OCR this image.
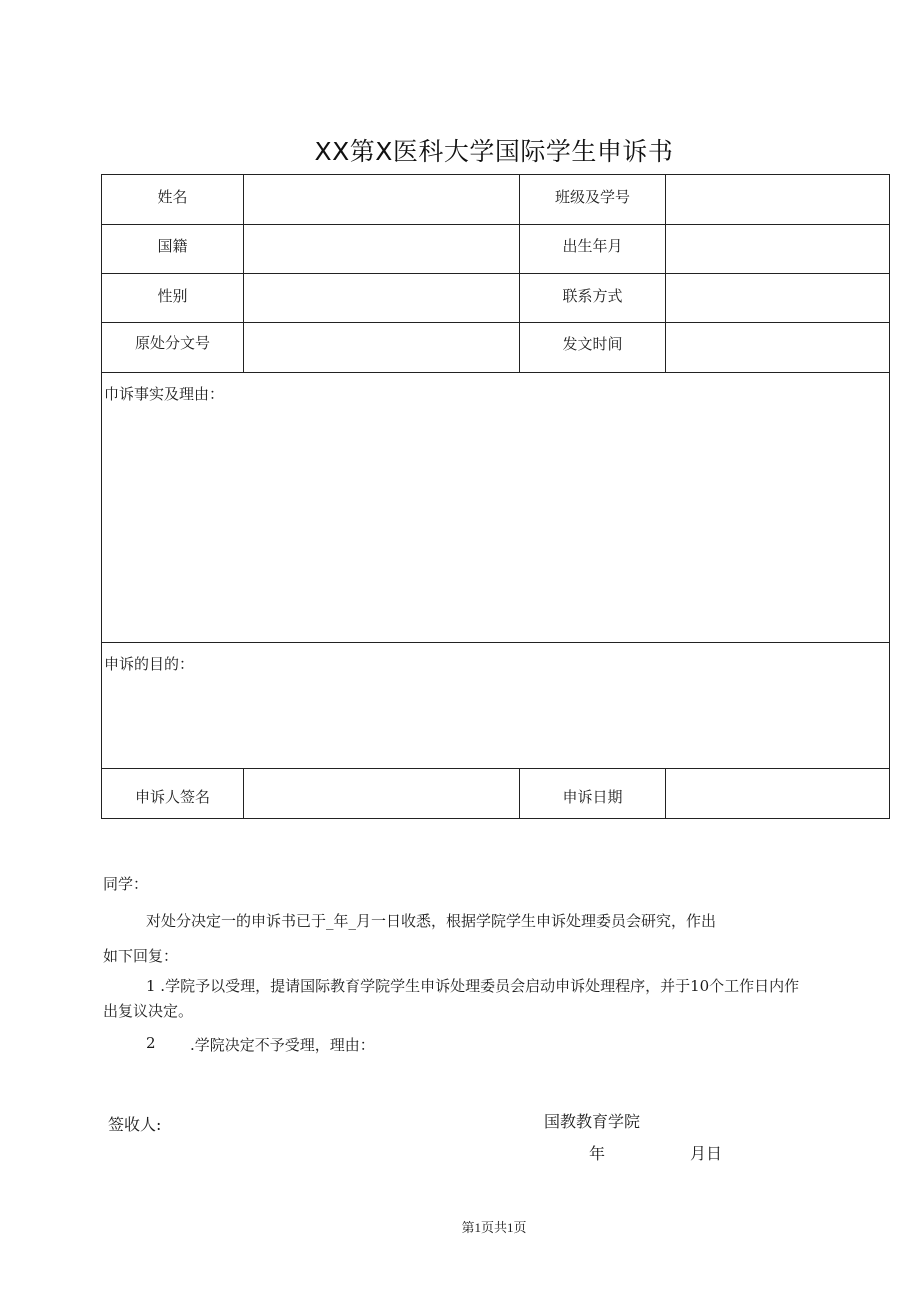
XX第X医科大学国际学生申诉书
姓名	班级及学号
国籍	出生年月
性别	联系方式
原处分文号	发文时间
巾诉事实及理由：
申诉的目的：
申诉人签名	申诉日期
同学：
对处分决定一的申诉书已于_年_月一日收悉，根据学院学生申诉处理委员会研究，作出
如下回复：
1 .学院予以受理，提请国际教育学院学生申诉处理委员会启动申诉处理程序，并于10个工作日内作
出复议决定。
2 .学院决定不予受理，理由：
签收人:	国教教育学院
年	月日
第1页共1页
